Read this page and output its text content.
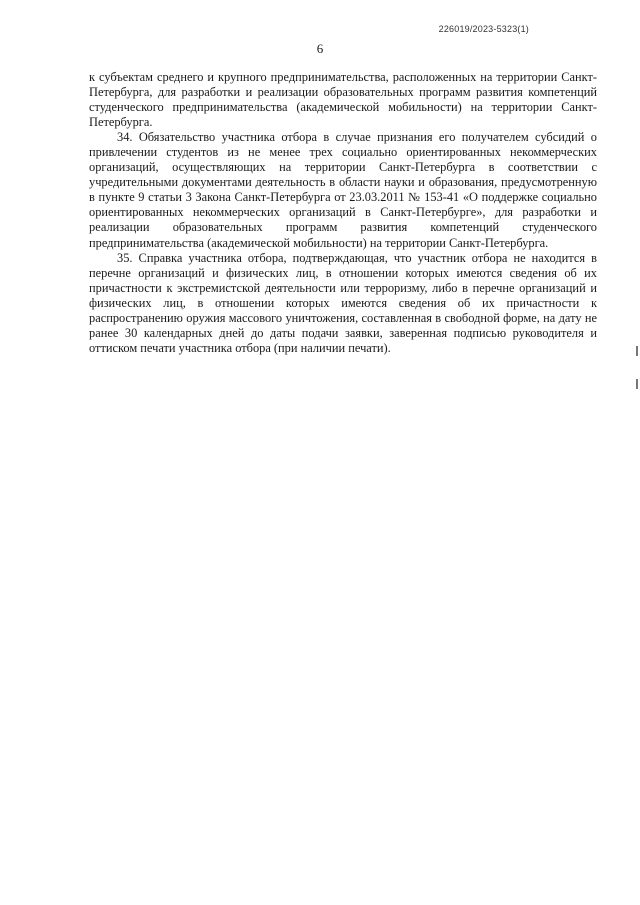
226019/2023-5323(1)
6

к субъектам среднего и крупного предпринимательства, расположенных на территории Санкт-Петербурга, для разработки и реализации образовательных программ развития компетенций студенческого предпринимательства (академической мобильности) на территории Санкт-Петербурга.

34. Обязательство участника отбора в случае признания его получателем субсидий о привлечении студентов из не менее трех социально ориентированных некоммерческих организаций, осуществляющих на территории Санкт-Петербурга в соответствии с учредительными документами деятельность в области науки и образования, предусмотренную в пункте 9 статьи 3 Закона Санкт-Петербурга от 23.03.2011 № 153-41 «О поддержке социально ориентированных некоммерческих организаций в Санкт-Петербурге», для разработки и реализации образовательных программ развития компетенций студенческого предпринимательства (академической мобильности) на территории Санкт-Петербурга.

35. Справка участника отбора, подтверждающая, что участник отбора не находится в перечне организаций и физических лиц, в отношении которых имеются сведения об их причастности к экстремистской деятельности или терроризму, либо в перечне организаций и физических лиц, в отношении которых имеются сведения об их причастности к распространению оружия массового уничтожения, составленная в свободной форме, на дату не ранее 30 календарных дней до даты подачи заявки, заверенная подписью руководителя и оттиском печати участника отбора (при наличии печати).
